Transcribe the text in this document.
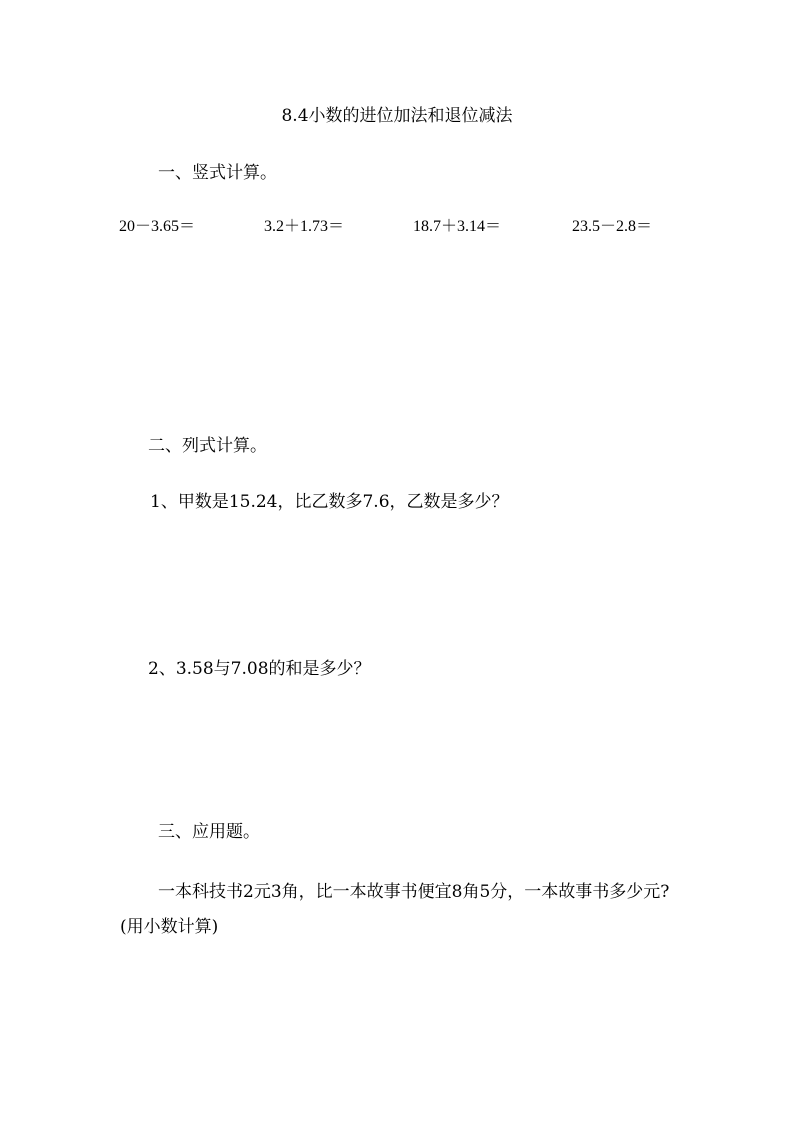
8.4小数的进位加法和退位减法
一、竖式计算。
20－3.65＝	3.2＋1.73＝	18.7＋3.14＝	23.5－2.8＝
二、列式计算。
1、甲数是15.24，比乙数多7.6，乙数是多少？
2、3.58与7.08的和是多少？
三、应用题。
一本科技书2元3角，比一本故事书便宜8角5分，一本故事书多少元?(用小数计算)
